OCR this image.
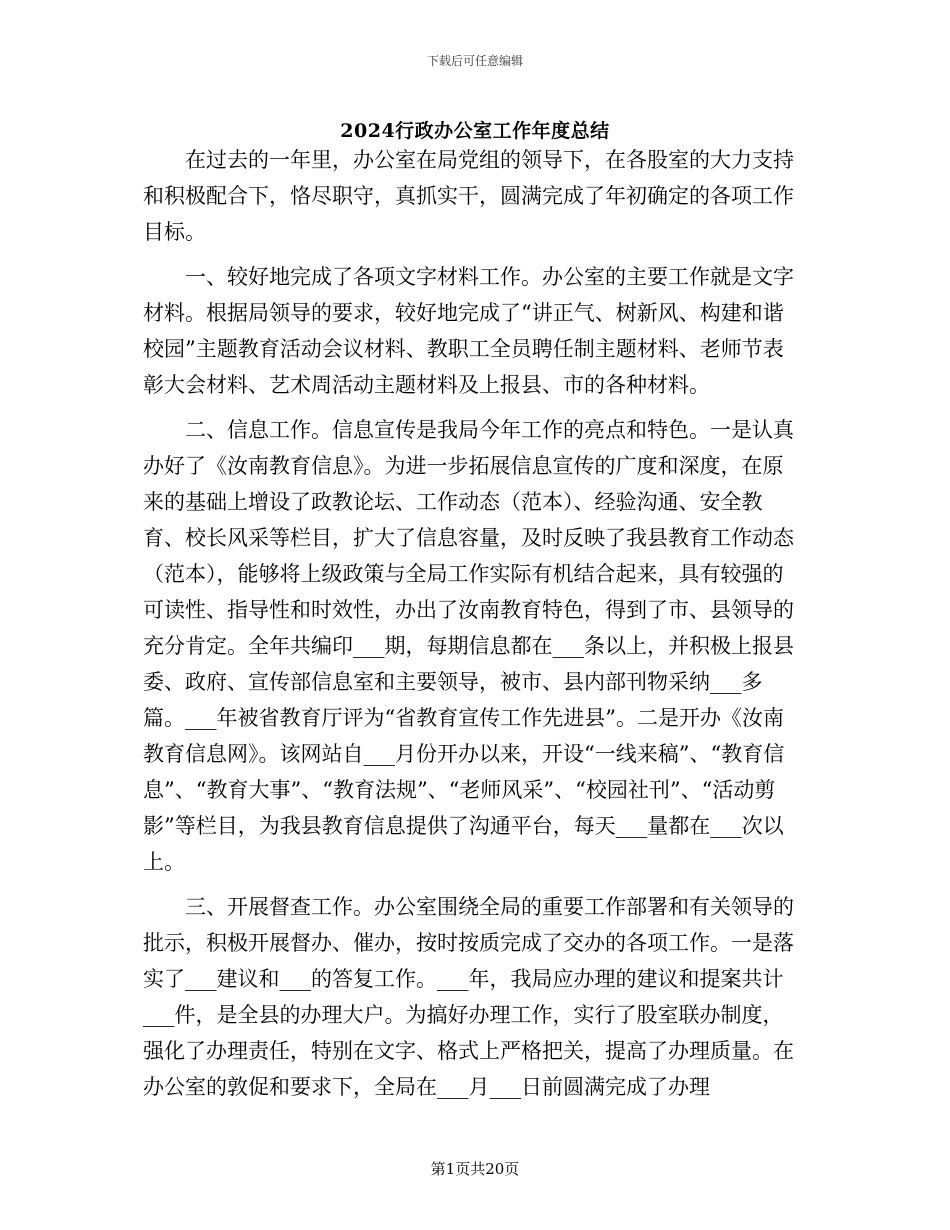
下载后可任意编辑
2024行政办公室工作年度总结

在过去的一年里，办公室在局党组的领导下，在各股室的大力支持和积极配合下，恪尽职守，真抓实干，圆满完成了年初确定的各项工作目标。

一、较好地完成了各项文字材料工作。办公室的主要工作就是文字材料。根据局领导的要求，较好地完成了“讲正气、树新风、构建和谐校园”主题教育活动会议材料、教职工全员聘任制主题材料、老师节表彰大会材料、艺术周活动主题材料及上报县、市的各种材料。

二、信息工作。信息宣传是我局今年工作的亮点和特色。一是认真办好了《汝南教育信息》。为进一步拓展信息宣传的广度和深度，在原来的基础上增设了政教论坛、工作动态（范本）、经验沟通、安全教育、校长风采等栏目，扩大了信息容量，及时反映了我县教育工作动态（范本），能够将上级政策与全局工作实际有机结合起来，具有较强的可读性、指导性和时效性，办出了汝南教育特色，得到了市、县领导的充分肯定。全年共编印___期，每期信息都在___条以上，并积极上报县委、政府、宣传部信息室和主要领导，被市、县内部刊物采纳___多篇。___年被省教育厅评为“省教育宣传工作先进县”。二是开办《汝南教育信息网》。该网站自___月份开办以来，开设“一线来稿”、“教育信息”、“教育大事”、“教育法规”、“老师风采”、“校园社刊”、“活动剪影”等栏目，为我县教育信息提供了沟通平台，每天___量都在___次以上。

三、开展督查工作。办公室围绕全局的重要工作部署和有关领导的批示，积极开展督办、催办，按时按质完成了交办的各项工作。一是落实了___建议和___的答复工作。___年，我局应办理的建议和提案共计___件，是全县的办理大户。为搞好办理工作，实行了股室联办制度，强化了办理责任，特别在文字、格式上严格把关，提高了办理质量。在办公室的敦促和要求下，全局在___月___日前圆满完成了办理

第1页共20页
